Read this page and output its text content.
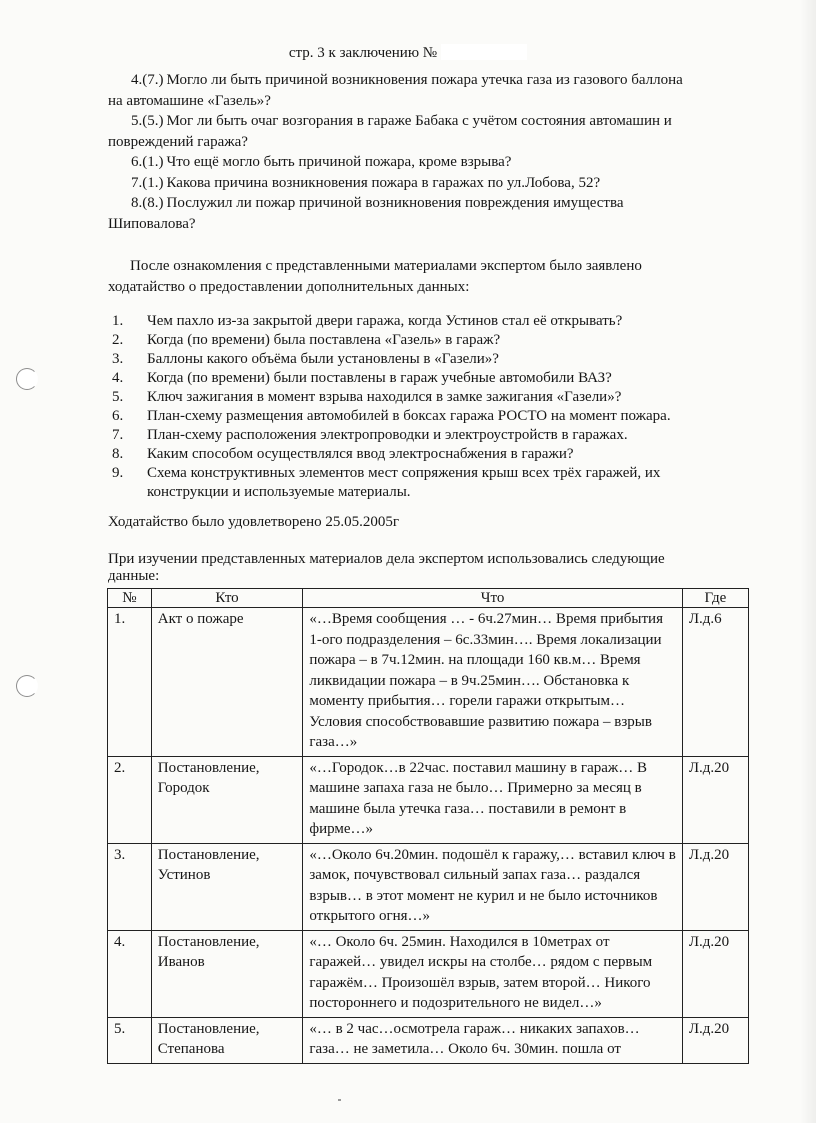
стр. 3 к заключению №
4.(7.) Могло ли быть причиной возникновения пожара утечка газа из газового баллона
на автомашине «Газель»?
5.(5.) Мог ли быть очаг возгорания в гараже Бабака с учётом состояния автомашин и
повреждений гаража?
6.(1.) Что ещё могло быть причиной пожара, кроме взрыва?
7.(1.) Какова причина возникновения пожара в гаражах по ул.Лобова, 52?
8.(8.) Послужил ли пожар причиной возникновения повреждения имущества
Шиповалова?

После ознакомления с представленными материалами экспертом было заявлено

ходатайство о предоставлении дополнительных данных:
1.	Чем пахло из-за закрытой двери гаража, когда Устинов стал её открывать?
2.	Когда (по времени) была поставлена «Газель» в гараж?
3.	Баллоны какого объёма были установлены в «Газели»?
4.	Когда (по времени) были поставлены в гараж учебные автомобили ВАЗ?
5.	Ключ зажигания в момент взрыва находился в замке зажигания «Газели»?
6.	План-схему размещения автомобилей в боксах гаража РОСТО на момент пожара.
7.	План-схему расположения электропроводки и электроустройств в гаражах.
8.	Каким способом осуществлялся ввод электроснабжения в гаражи?
9.	Схема конструктивных элементов мест сопряжения крыш всех трёх гаражей, их конструкции и используемые материалы.
Ходатайство было удовлетворено 25.05.2005г
При изучении представленных материалов дела экспертом использовались следующие
данные:
№	Кто	Что	Где
1.	Акт о пожаре	«…Время сообщения … - 6ч.27мин… Время прибытия 1-ого подразделения – 6с.33мин…. Время локализации пожара – в 7ч.12мин. на площади 160 кв.м… Время ликвидации пожара – в 9ч.25мин…. Обстановка к моменту прибытия… горели гаражи открытым… Условия способствовавшие развитию пожара – взрыв газа…»	Л.д.6
2.	Постановление, Городок	«…Городок…в 22час. поставил машину в гараж… В машине запаха газа не было… Примерно за месяц в машине была утечка газа… поставили в ремонт в фирме…»	Л.д.20
3.	Постановление, Устинов	«…Около 6ч.20мин. подошёл к гаражу,… вставил ключ в замок, почувствовал сильный запах газа… раздался взрыв… в этот момент не курил и не было источников открытого огня…»	Л.д.20
4.	Постановление, Иванов	«… Около 6ч. 25мин. Находился в 10метрах от гаражей… увидел искры на столбе… рядом с первым гаражём… Произошёл взрыв, затем второй… Никого постороннего и подозрительного не видел…»	Л.д.20
5.	Постановление, Степанова	«… в 2 час…осмотрела гараж… никаких запахов… газа… не заметила… Около 6ч. 30мин. пошла от	Л.д.20
